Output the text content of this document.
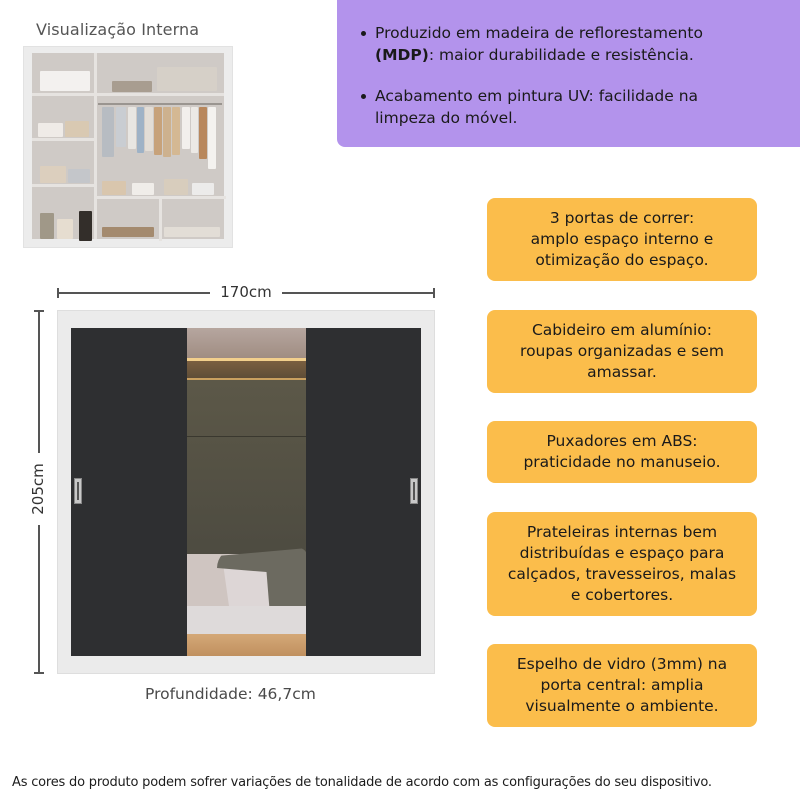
Visualização Interna	Produzido em madeira de reflorestamento
(MDP): maior durabilidade e resistência.
Acabamento em pintura UV: facilidade na
limpeza do móvel.
170cm
205cm
Profundidade: 46,7cm
3 portas de correr:
amplo espaço interno e
otimização do espaço.
Cabideiro em alumínio:
roupas organizadas e sem
amassar.
Puxadores em ABS:
praticidade no manuseio.
Prateleiras internas bem
distribuídas e espaço para
calçados, travesseiros, malas
e cobertores.
Espelho de vidro (3mm) na
porta central: amplia
visualmente o ambiente.
As cores do produto podem sofrer variações de tonalidade de acordo com as configurações do seu dispositivo.
